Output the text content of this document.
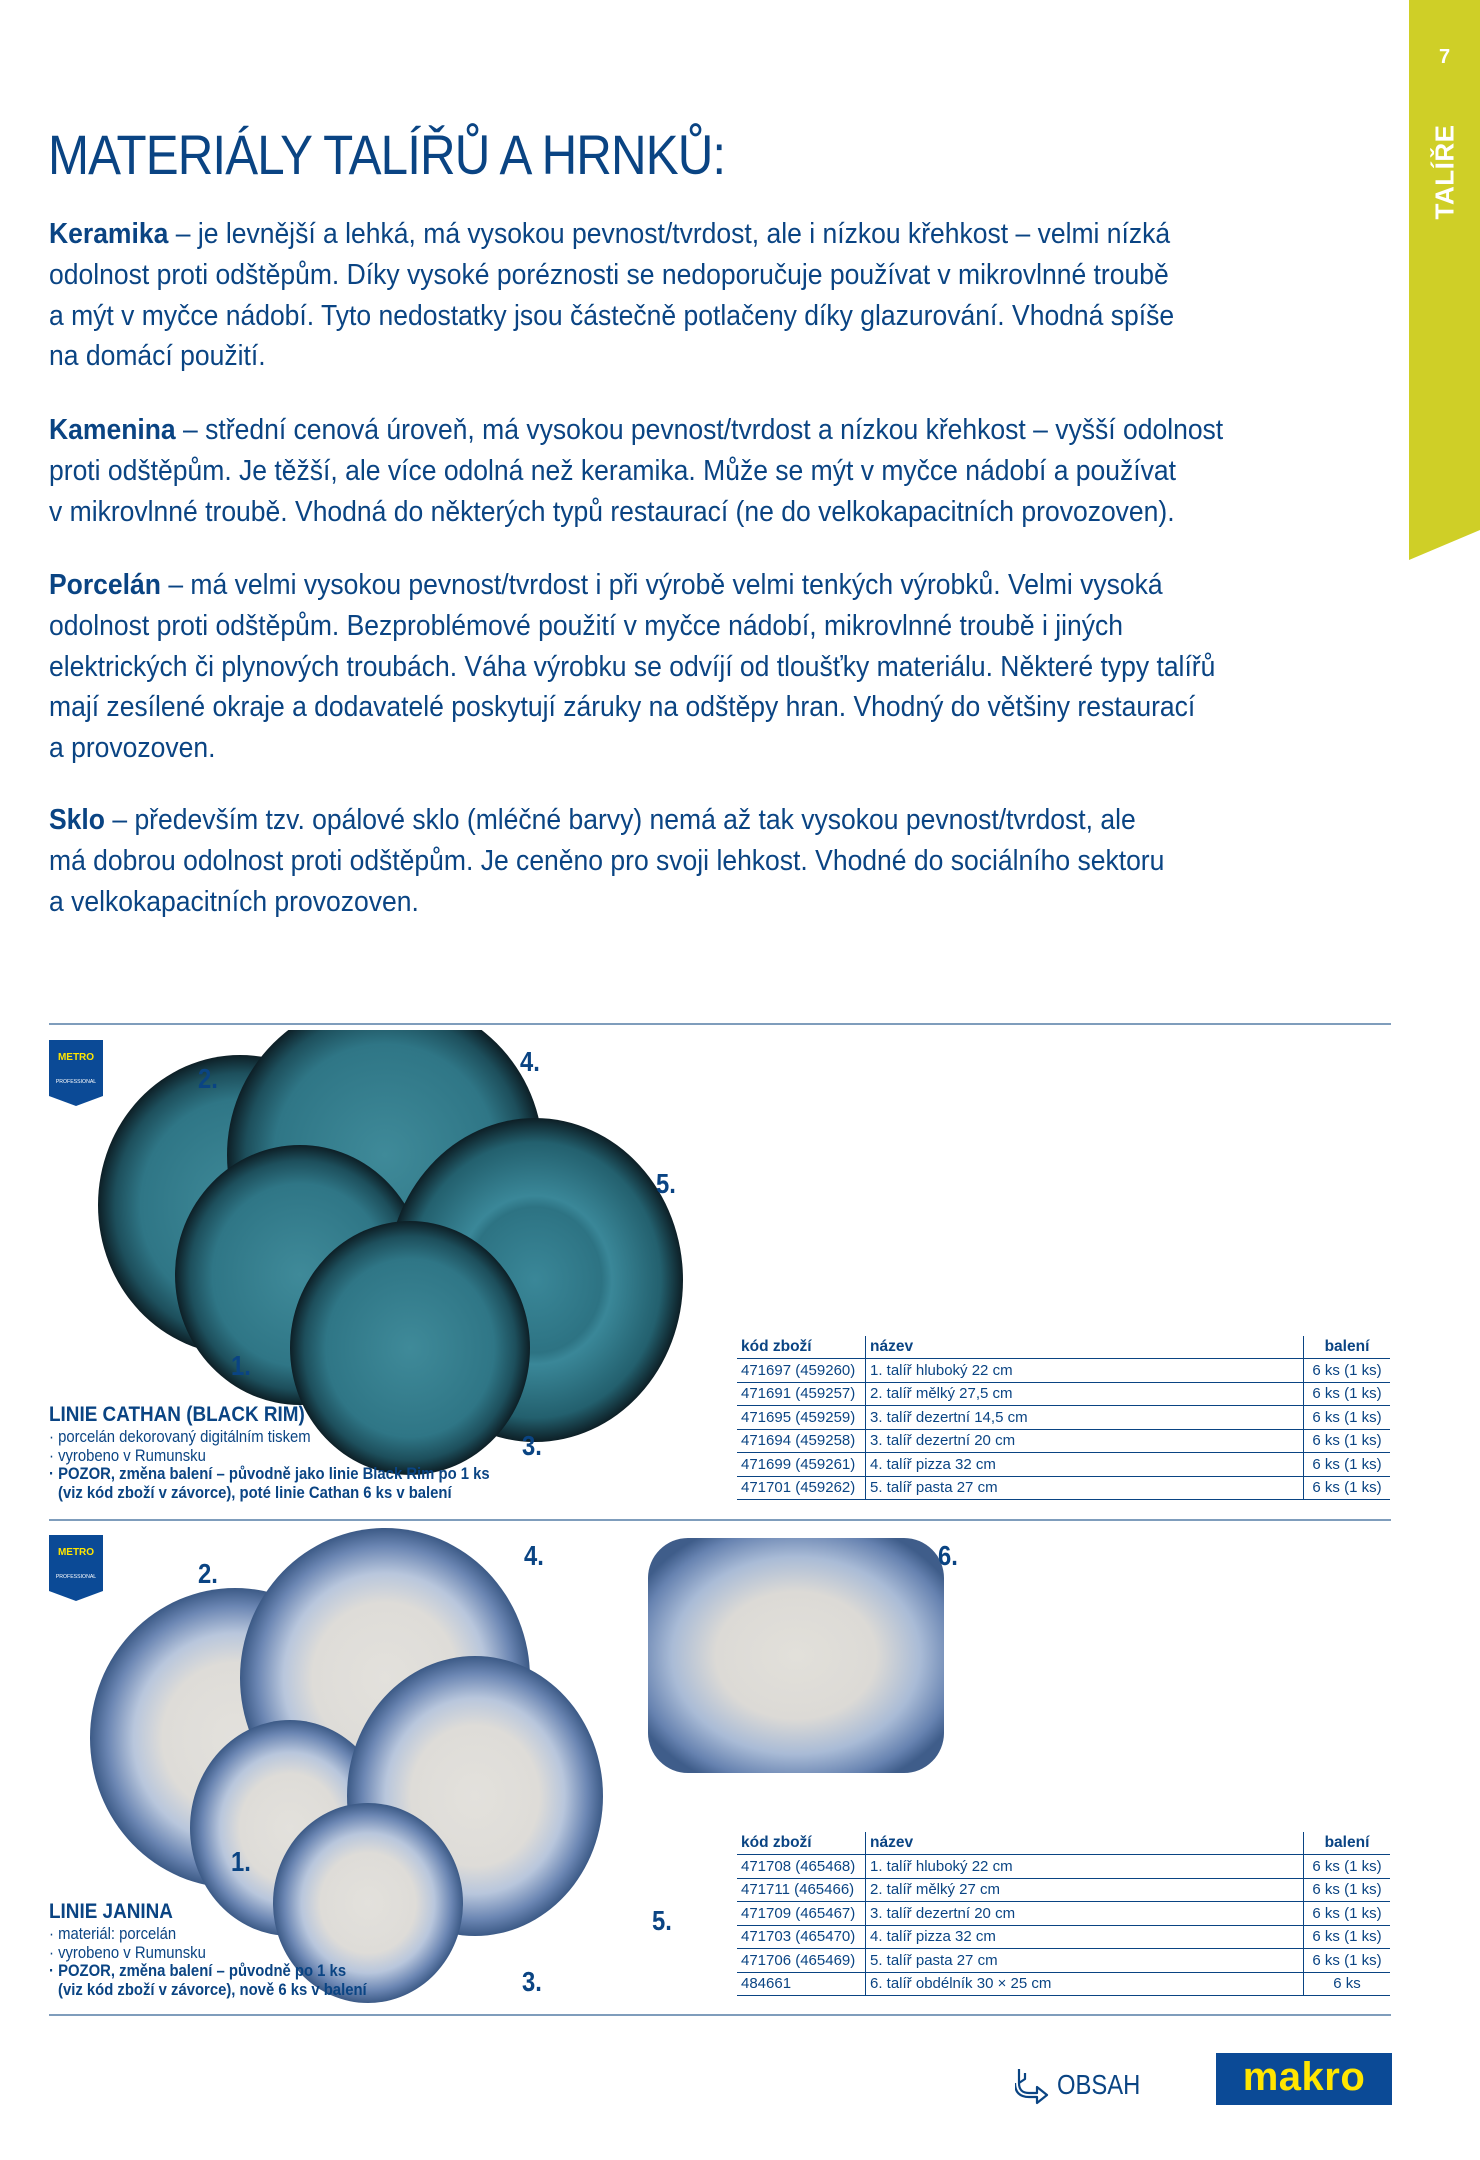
7
TALÍŘE
MATERIÁLY TALÍŘŮ A HRNKŮ:
Keramika – je levnější a lehká, má vysokou pevnost/tvrdost, ale i nízkou křehkost – velmi nízká
odolnost proti odštěpům. Díky vysoké poréznosti se nedoporučuje používat v mikrovlnné troubě
a mýt v myčce nádobí. Tyto nedostatky jsou částečně potlačeny díky glazurování. Vhodná spíše
na domácí použití.
Kamenina – střední cenová úroveň, má vysokou pevnost/tvrdost a nízkou křehkost – vyšší odolnost
proti odštěpům. Je těžší, ale více odolná než keramika. Může se mýt v myčce nádobí a používat
v mikrovlnné troubě. Vhodná do některých typů restaurací (ne do velkokapacitních provozoven).
Porcelán – má velmi vysokou pevnost/tvrdost i při výrobě velmi tenkých výrobků. Velmi vysoká
odolnost proti odštěpům. Bezproblémové použití v myčce nádobí, mikrovlnné troubě i jiných
elektrických či plynových troubách. Váha výrobku se odvíjí od tloušťky materiálu. Některé typy talířů
mají zesílené okraje a dodavatelé poskytují záruky na odštěpy hran. Vhodný do většiny restaurací
a provozoven.
Sklo – především tzv. opálové sklo (mléčné barvy) nemá až tak vysokou pevnost/tvrdost, ale
má dobrou odolnost proti odštěpům. Je ceněno pro svoji lehkost. Vhodné do sociálního sektoru
a velkokapacitních provozoven.
METRO
PROFESSIONAL	2.
4.
5.
1.
3.
LINIE CATHAN (BLACK RIM)
· porcelán dekorovaný digitálním tiskem
· vyrobeno v Rumunsku
· POZOR, změna balení – původně jako linie Black Rim po 1 ks
(viz kód zboží v závorce), poté linie Cathan 6 ks v balení
kód zboží	název	balení
471697 (459260)	1. talíř hluboký 22 cm	6 ks (1 ks)
471691 (459257)	2. talíř mělký 27,5 cm	6 ks (1 ks)
471695 (459259)	3. talíř dezertní 14,5 cm	6 ks (1 ks)
471694 (459258)	3. talíř dezertní 20 cm	6 ks (1 ks)
471699 (459261)	4. talíř pizza 32 cm	6 ks (1 ks)
471701 (459262)	5. talíř pasta 27 cm	6 ks (1 ks)
METRO
PROFESSIONAL	2.
4.	6.
1.
5.
3.
LINIE JANINA
· materiál: porcelán
· vyrobeno v Rumunsku
· POZOR, změna balení – původně po 1 ks
(viz kód zboží v závorce), nově 6 ks v balení
kód zboží	název	balení
471708 (465468)	1. talíř hluboký 22 cm	6 ks (1 ks)
471711 (465466)	2. talíř mělký 27 cm	6 ks (1 ks)
471709 (465467)	3. talíř dezertní 20 cm	6 ks (1 ks)
471703 (465470)	4. talíř pizza 32 cm	6 ks (1 ks)
471706 (465469)	5. talíř pasta 27 cm	6 ks (1 ks)
484661	6. talíř obdélník 30 × 25 cm	6 ks
OBSAH	makro
